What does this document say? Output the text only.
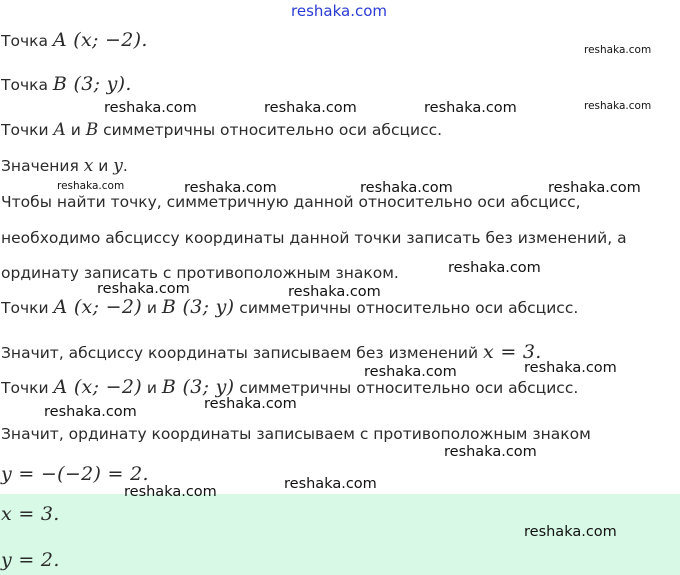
reshaka.com
Точка A (x; −2).
Точка B (3; y).
Точки A и B симметричны относительно оси абсцисс.
Значения x и y.
Чтобы найти точку, симметричную данной относительно оси абсцисс,
необходимо абсциссу координаты данной точки записать без изменений, а
ординату записать с противоположным знаком.
Точки A (x; −2) и B (3; y) симметричны относительно оси абсцисс.
Значит, абсциссу координаты записываем без изменений x = 3.
Точки A (x; −2) и B (3; y) симметричны относительно оси абсцисс.
Значит, ординату координаты записываем с противоположным знаком
y = −(−2) = 2.
x = 3.
y = 2.
reshaka.com
reshaka.com
reshaka.com	reshaka.com	reshaka.com
reshaka.com	reshaka.com	reshaka.com	reshaka.com
reshaka.com
reshaka.com	reshaka.com
reshaka.com
reshaka.com
reshaka.com
reshaka.com
reshaka.com
reshaka.com
reshaka.com
reshaka.com
